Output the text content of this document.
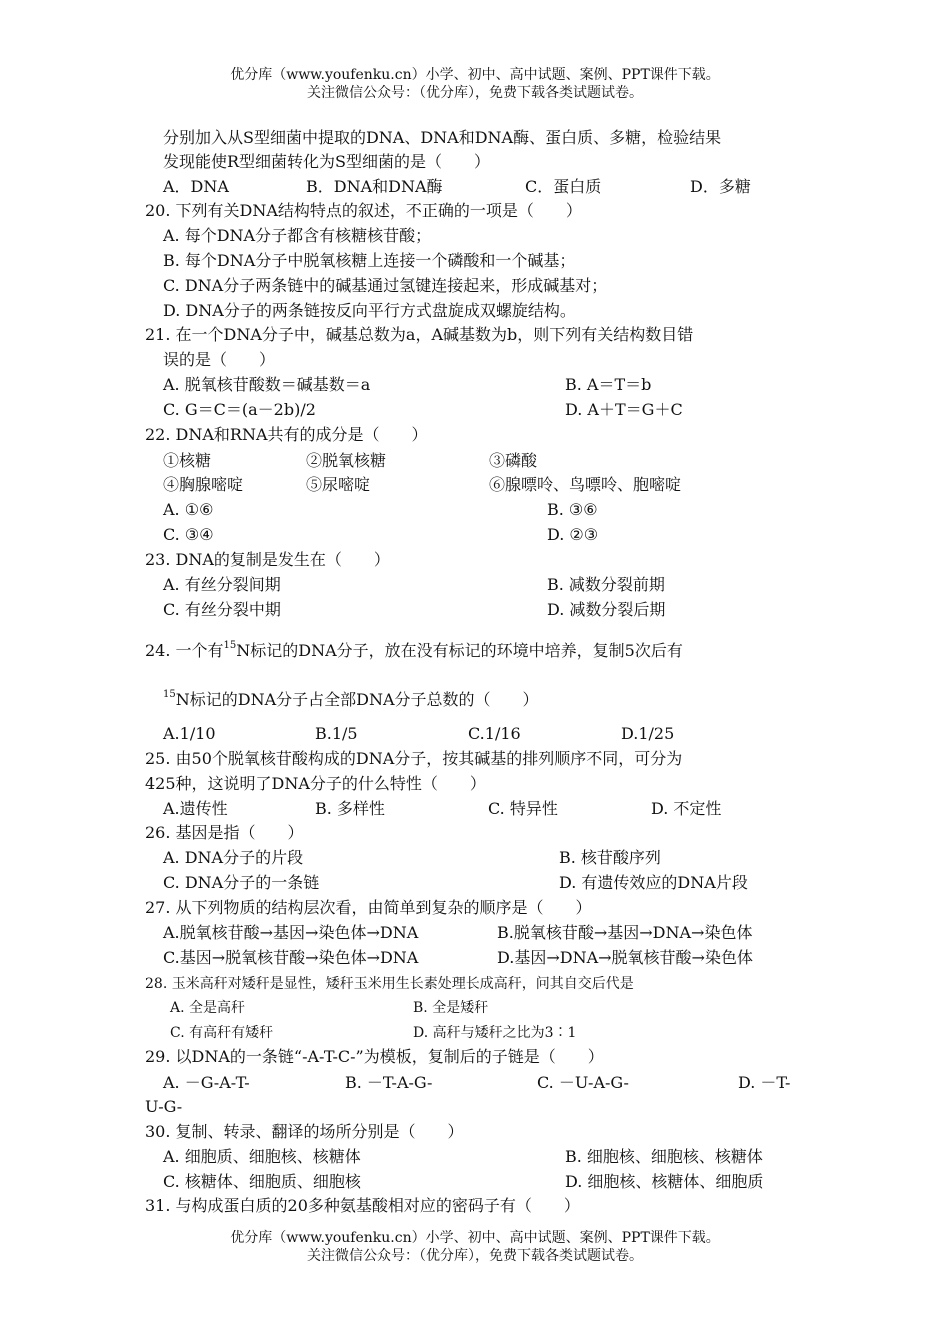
优分库（www.youfenku.cn）小学、初中、高中试题、案例、PPT课件下载。
关注微信公众号：（优分库），免费下载各类试题试卷。
分别加入从S型细菌中提取的DNA、DNA和DNA酶、蛋白质、多糖，检验结果
发现能使R型细菌转化为S型细菌的是（　　）
A．DNA	B．DNA和DNA酶	C．蛋白质	D．多糖
20. 下列有关DNA结构特点的叙述，不正确的一项是（　　）
A. 每个DNA分子都含有核糖核苷酸；
B. 每个DNA分子中脱氧核糖上连接一个磷酸和一个碱基；
C. DNA分子两条链中的碱基通过氢键连接起来，形成碱基对；
D. DNA分子的两条链按反向平行方式盘旋成双螺旋结构。
21. 在一个DNA分子中，碱基总数为a，A碱基数为b，则下列有关结构数目错
误的是（　　）
A. 脱氧核苷酸数＝碱基数＝a	B. A＝T＝b
C. G＝C＝(a－2b)/2	D. A＋T＝G＋C
22. DNA和RNA共有的成分是（　　）
①核糖	②脱氧核糖	③磷酸
④胸腺嘧啶	⑤尿嘧啶	⑥腺嘌呤、鸟嘌呤、胞嘧啶
A. ①⑥	B. ③⑥
C. ③④	D. ②③
23. DNA的复制是发生在（　　）
A. 有丝分裂间期	B. 减数分裂前期
C. 有丝分裂中期	D. 减数分裂后期
24. 一个有$^{15}$N标记的DNA分子，放在没有标记的环境中培养，复制5次后有
$^{15}$N标记的DNA分子占全部DNA分子总数的（　　）
A.1/10	B.1/5	C.1/16	D.1/25
25. 由50个脱氧核苷酸构成的DNA分子，按其碱基的排列顺序不同，可分为
425种，这说明了DNA分子的什么特性（　　）
A.遗传性	B. 多样性	C. 特异性	D. 不定性
26. 基因是指（　　）
A. DNA分子的片段	B. 核苷酸序列
C. DNA分子的一条链	D. 有遗传效应的DNA片段
27. 从下列物质的结构层次看，由简单到复杂的顺序是（　　）
A.脱氧核苷酸→基因→染色体→DNA	B.脱氧核苷酸→基因→DNA→染色体
C.基因→脱氧核苷酸→染色体→DNA	D.基因→DNA→脱氧核苷酸→染色体
28. 玉米高秆对矮秆是显性，矮秆玉米用生长素处理长成高秆，问其自交后代是
A. 全是高秆	B. 全是矮秆
C. 有高秆有矮秆	D. 高秆与矮秆之比为3∶1
29. 以DNA的一条链“-A-T-C-”为模板，复制后的子链是（　　）
A. －G-A-T-	B. －T-A-G-	C. －U-A-G-	D. －T-
U-G-
30. 复制、转录、翻译的场所分别是（　　）
A. 细胞质、细胞核、核糖体	B. 细胞核、细胞核、核糖体
C. 核糖体、细胞质、细胞核	D. 细胞核、核糖体、细胞质
31. 与构成蛋白质的20多种氨基酸相对应的密码子有（　　）
优分库（www.youfenku.cn）小学、初中、高中试题、案例、PPT课件下载。
关注微信公众号：（优分库），免费下载各类试题试卷。
